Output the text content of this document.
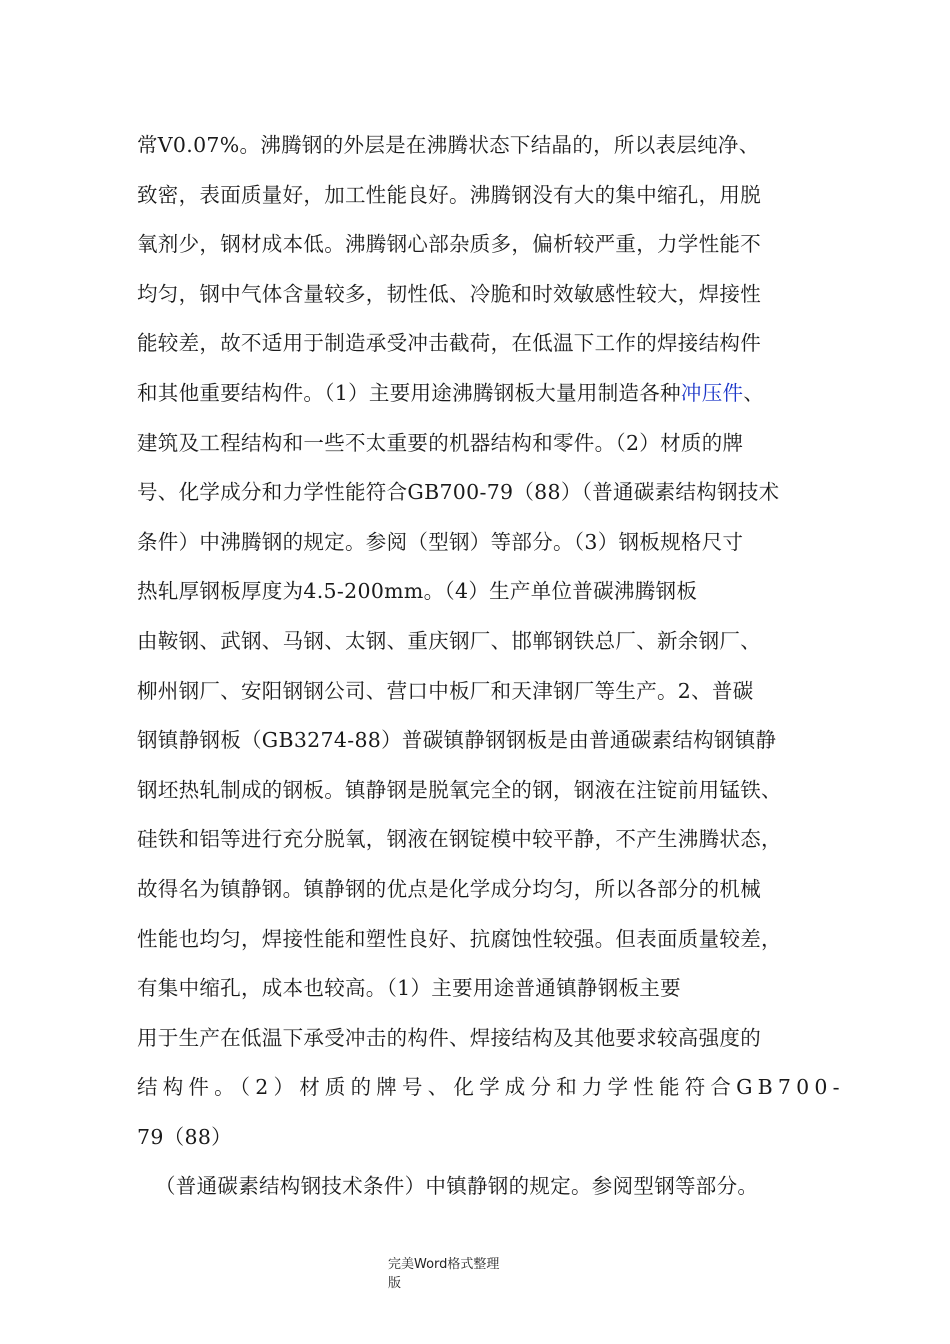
常V0.07%。沸腾钢的外层是在沸腾状态下结晶的，所以表层纯净、
致密，表面质量好，加工性能良好。沸腾钢没有大的集中缩孔，用脱
氧剂少，钢材成本低。沸腾钢心部杂质多，偏析较严重，力学性能不
均匀，钢中气体含量较多，韧性低、冷脆和时效敏感性较大，焊接性
能较差，故不适用于制造承受冲击截荷，在低温下工作的焊接结构件
和其他重要结构件。（1）主要用途沸腾钢板大量用制造各种冲压件、
建筑及工程结构和一些不太重要的机器结构和零件。（2）材质的牌
号、化学成分和力学性能符合GB700-79（88）（普通碳素结构钢技术
条件）中沸腾钢的规定。参阅（型钢）等部分。（3）钢板规格尺寸
热轧厚钢板厚度为4.5-200mm。（4）生产单位普碳沸腾钢板
由鞍钢、武钢、马钢、太钢、重庆钢厂、邯郸钢铁总厂、新余钢厂、
柳州钢厂、安阳钢钢公司、营口中板厂和天津钢厂等生产。2、普碳
钢镇静钢板（GB3274-88）普碳镇静钢钢板是由普通碳素结构钢镇静
钢坯热轧制成的钢板。镇静钢是脱氧完全的钢，钢液在注锭前用锰铁、
硅铁和铝等进行充分脱氧，钢液在钢锭模中较平静，不产生沸腾状态，
故得名为镇静钢。镇静钢的优点是化学成分均匀，所以各部分的机械
性能也均匀，焊接性能和塑性良好、抗腐蚀性较强。但表面质量较差，
有集中缩孔，成本也较高。（1）主要用途普通镇静钢板主要
用于生产在低温下承受冲击的构件、焊接结构及其他要求较高强度的
结构件。（2）材质的牌号、化学成分和力学性能符合GB700-
79（88）
（普通碳素结构钢技术条件）中镇静钢的规定。参阅型钢等部分。
完美Word格式整理
版
